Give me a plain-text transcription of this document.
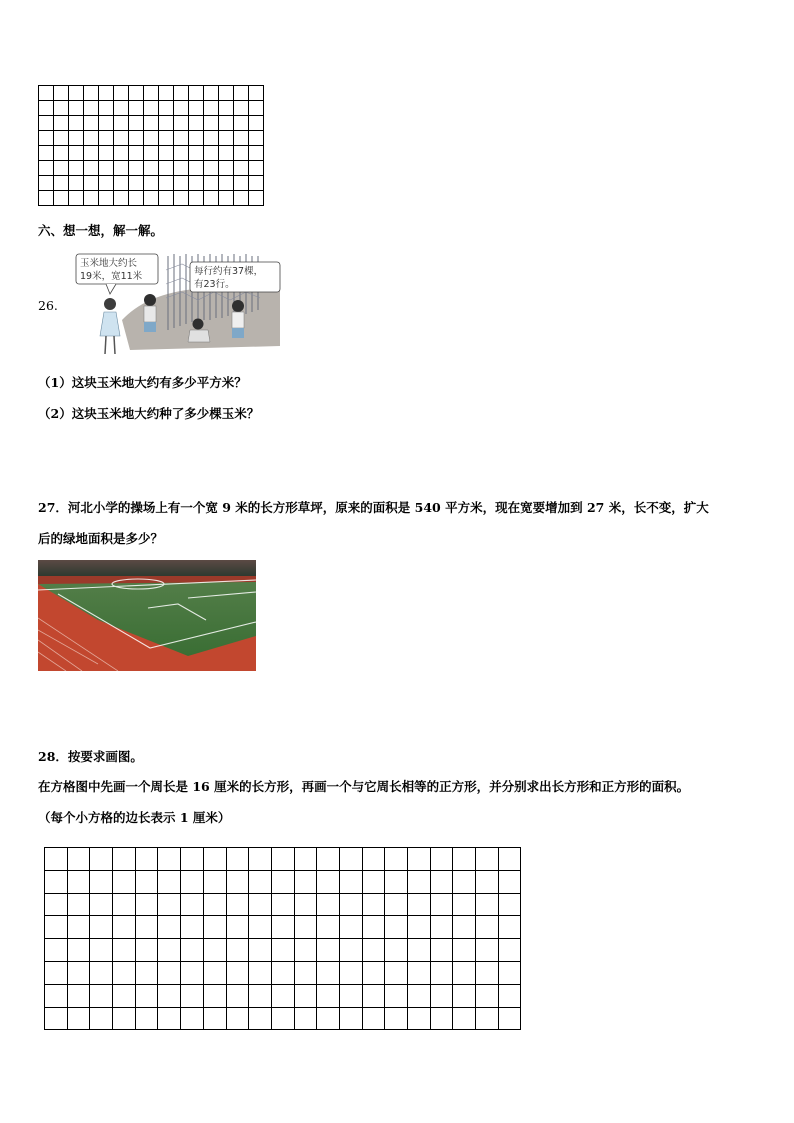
六、想一想，解一解。
26.
玉米地大约长
19米，宽11米	每行约有37棵，
有23行。
（1）这块玉米地大约有多少平方米？
（2）这块玉米地大约种了多少棵玉米？
27．河北小学的操场上有一个宽 9 米的长方形草坪，原来的面积是 540 平方米，现在宽要增加到 27 米，长不变，扩大
后的绿地面积是多少？
28．按要求画图。
在方格图中先画一个周长是 16 厘米的长方形，再画一个与它周长相等的正方形，并分别求出长方形和正方形的面积。
（每个小方格的边长表示 1 厘米）
